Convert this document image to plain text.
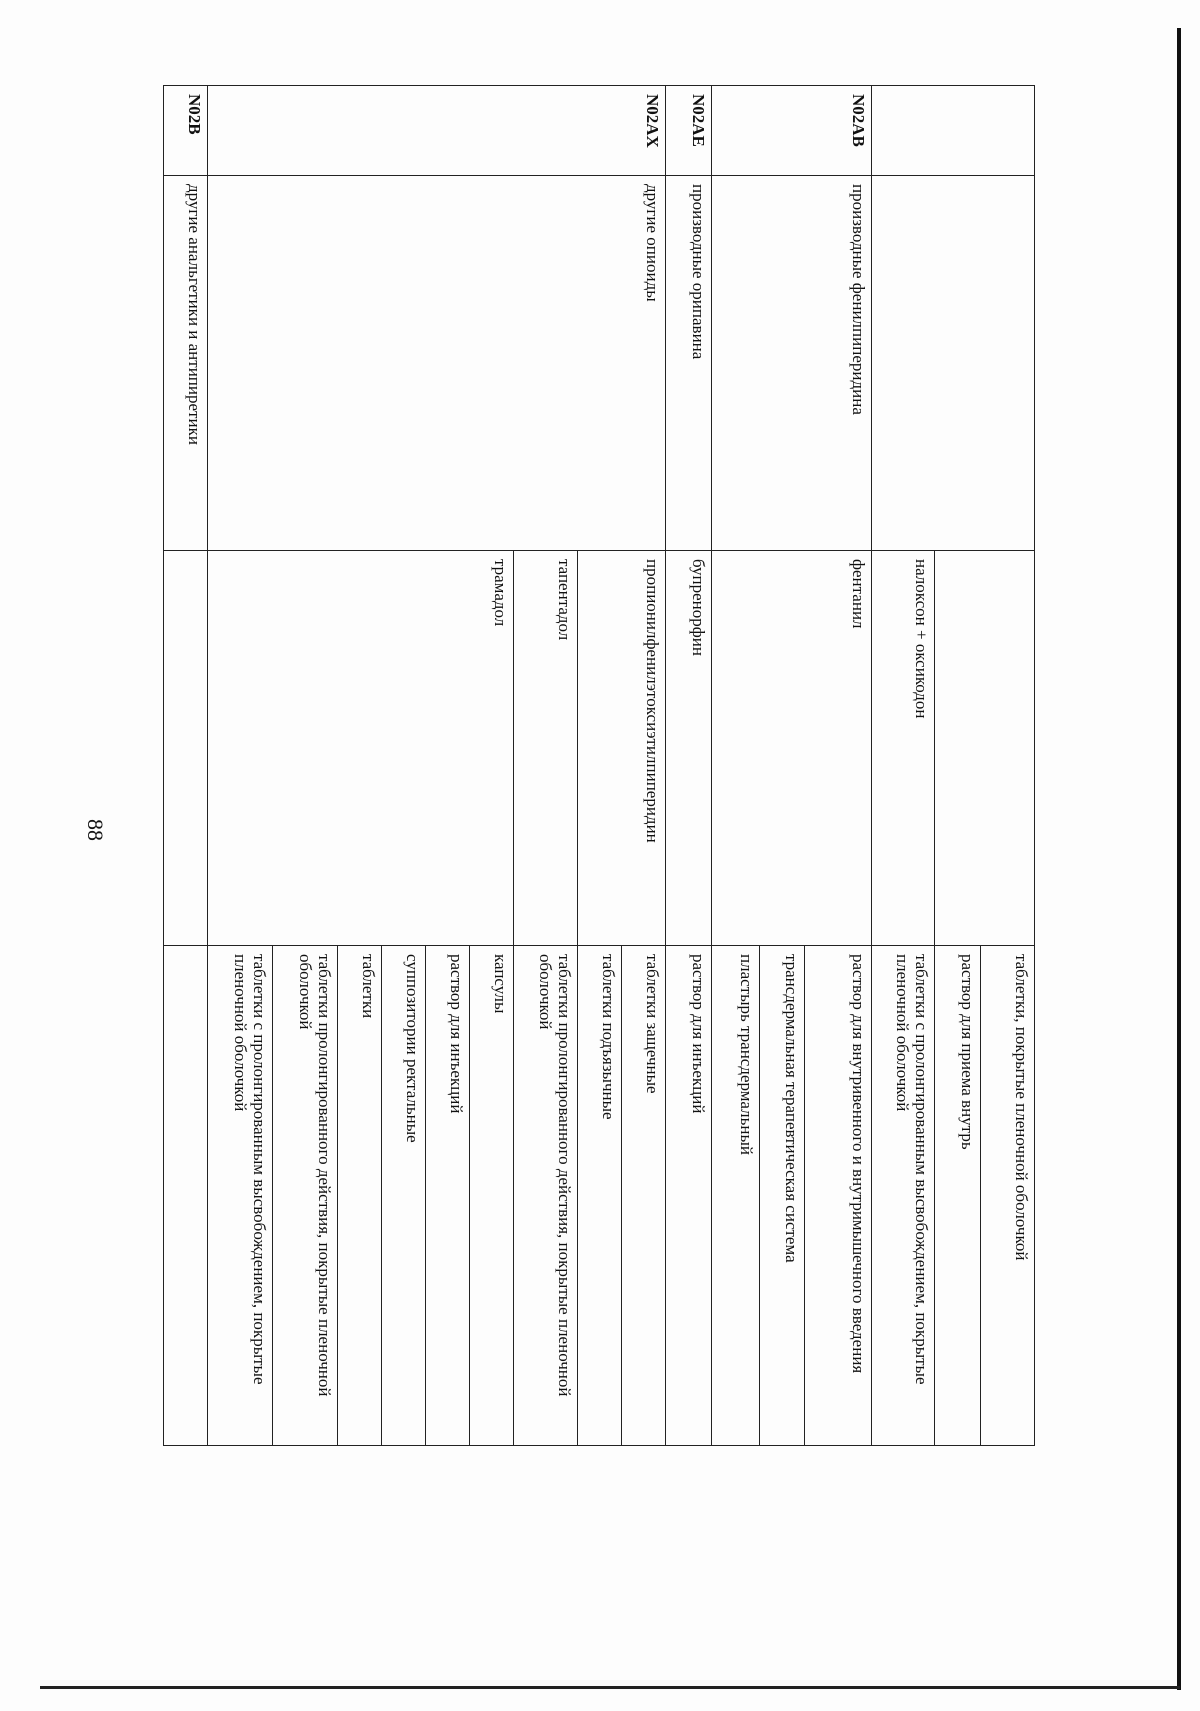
88
			таблетки, покрытые пленочной оболочкой
			раствор для приема внутрь
		налоксон + оксикодон	таблетки с пролонгированным высвобождением, покрытые пленочной оболочкой
N02AB	производные фенилпиперидина	фентанил	раствор для внутривенного и внутримышечного введения
			трансдермальная терапевтическая система
			пластырь трансдермальный
N02AE	производные орипавина	бупренорфин	раствор для инъекций
N02AX	другие опиоиды	пропионилфенилэтоксиэтилпиперидин	таблетки защечные
			таблетки подъязычные
		тапентадол	таблетки пролонгированного действия, покрытые пленочной оболочкой
		трамадол	капсулы
			раствор для инъекций
			суппозитории ректальные
			таблетки
			таблетки пролонгированного действия, покрытые пленочной оболочкой
			таблетки с пролонгированным высвобождением, покрытые пленочной оболочкой
N02B	другие анальгетики и антипиретики		
